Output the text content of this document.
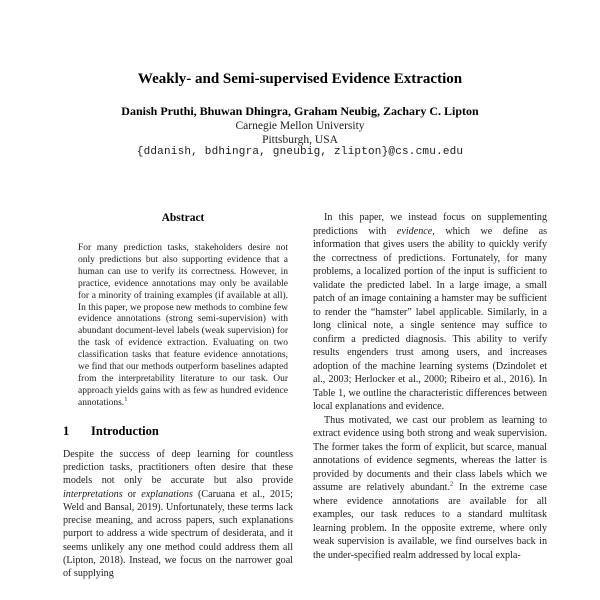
Weakly- and Semi-supervised Evidence Extraction
Danish Pruthi, Bhuwan Dhingra, Graham Neubig, Zachary C. Lipton
Carnegie Mellon University
Pittsburgh, USA
{ddanish, bdhingra, gneubig, zlipton}@cs.cmu.edu
Abstract
For many prediction tasks, stakeholders desire not only predictions but also supporting evidence that a human can use to verify its correctness. However, in practice, evidence annotations may only be available for a minority of training examples (if available at all). In this paper, we propose new methods to combine few evidence annotations (strong semi-supervision) with abundant document-level labels (weak supervision) for the task of evidence extraction. Evaluating on two classification tasks that feature evidence annotations, we find that our methods outperform baselines adapted from the interpretability literature to our task. Our approach yields gains with as few as hundred evidence annotations.$^1$
1 Introduction

Despite the success of deep learning for countless prediction tasks, practitioners often desire that these models not only be accurate but also provide interpretations or explanations (Caruana et al., 2015; Weld and Bansal, 2019). Unfortunately, these terms lack precise meaning, and across papers, such explanations purport to address a wide spectrum of desiderata, and it seems unlikely any one method could address them all (Lipton, 2018). Instead, we focus on the narrower goal of supplying

In this paper, we instead focus on supplementing predictions with evidence, which we define as information that gives users the ability to quickly verify the correctness of predictions. Fortunately, for many problems, a localized portion of the input is sufficient to validate the predicted label. In a large image, a small patch of an image containing a hamster may be sufficient to render the “hamster” label applicable. Similarly, in a long clinical note, a single sentence may suffice to confirm a predicted diagnosis. This ability to verify results engenders trust among users, and increases adoption of the machine learning systems (Dzindolet et al., 2003; Herlocker et al., 2000; Ribeiro et al., 2016). In Table 1, we outline the characteristic differences between local explanations and evidence.

Thus motivated, we cast our problem as learning to extract evidence using both strong and weak supervision. The former takes the form of explicit, but scarce, manual annotations of evidence segments, whereas the latter is provided by documents and their class labels which we assume are relatively abundant.$^2$ In the extreme case where evidence annotations are available for all examples, our task reduces to a standard multitask learning problem. In the opposite extreme, where only weak supervision is available, we find ourselves back in the under-specified realm addressed by local expla-
